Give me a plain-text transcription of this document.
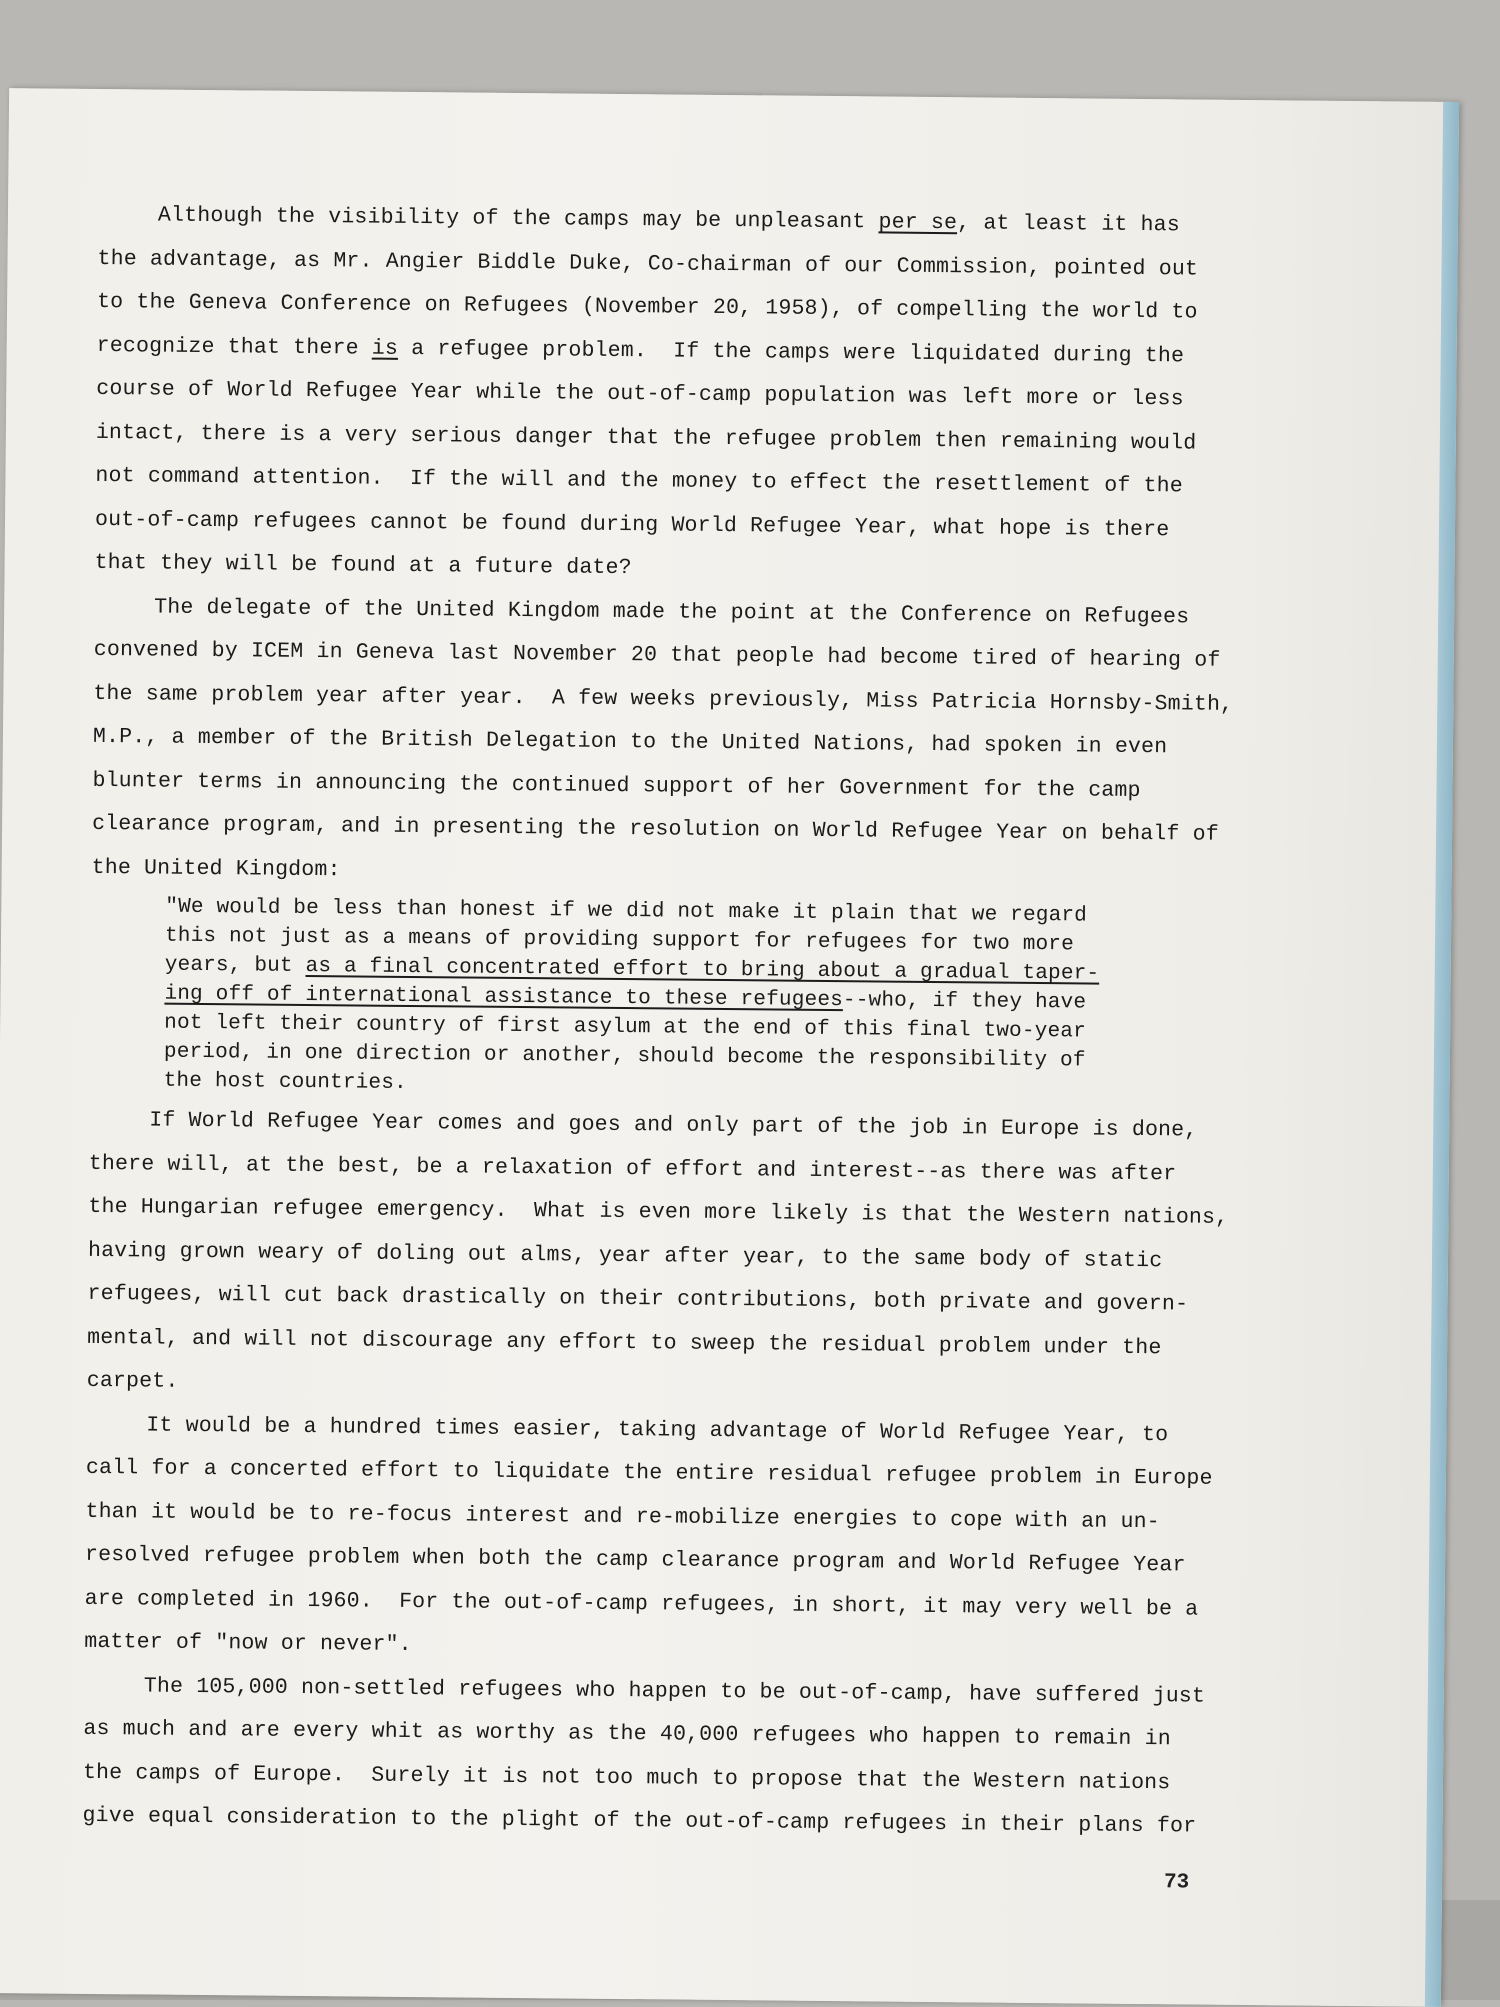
Although the visibility of the camps may be unpleasant per se, at least it has
the advantage, as Mr. Angier Biddle Duke, Co-chairman of our Commission, pointed out
to the Geneva Conference on Refugees (November 20, 1958), of compelling the world to
recognize that there is a refugee problem.  If the camps were liquidated during the
course of World Refugee Year while the out-of-camp population was left more or less
intact, there is a very serious danger that the refugee problem then remaining would
not command attention.  If the will and the money to effect the resettlement of the
out-of-camp refugees cannot be found during World Refugee Year, what hope is there
that they will be found at a future date?
The delegate of the United Kingdom made the point at the Conference on Refugees
convened by ICEM in Geneva last November 20 that people had become tired of hearing of
the same problem year after year.  A few weeks previously, Miss Patricia Hornsby-Smith,
M.P., a member of the British Delegation to the United Nations, had spoken in even
blunter terms in announcing the continued support of her Government for the camp
clearance program, and in presenting the resolution on World Refugee Year on behalf of
the United Kingdom:
"We would be less than honest if we did not make it plain that we regard
this not just as a means of providing support for refugees for two more
years, but as a final concentrated effort to bring about a gradual taper-
ing off of international assistance to these refugees--who, if they have
not left their country of first asylum at the end of this final two-year
period, in one direction or another, should become the responsibility of
the host countries.
If World Refugee Year comes and goes and only part of the job in Europe is done,
there will, at the best, be a relaxation of effort and interest--as there was after
the Hungarian refugee emergency.  What is even more likely is that the Western nations,
having grown weary of doling out alms, year after year, to the same body of static
refugees, will cut back drastically on their contributions, both private and govern-
mental, and will not discourage any effort to sweep the residual problem under the
carpet.
It would be a hundred times easier, taking advantage of World Refugee Year, to
call for a concerted effort to liquidate the entire residual refugee problem in Europe
than it would be to re-focus interest and re-mobilize energies to cope with an un-
resolved refugee problem when both the camp clearance program and World Refugee Year
are completed in 1960.  For the out-of-camp refugees, in short, it may very well be a
matter of "now or never".
The 105,000 non-settled refugees who happen to be out-of-camp, have suffered just
as much and are every whit as worthy as the 40,000 refugees who happen to remain in
the camps of Europe.  Surely it is not too much to propose that the Western nations
give equal consideration to the plight of the out-of-camp refugees in their plans for
73
